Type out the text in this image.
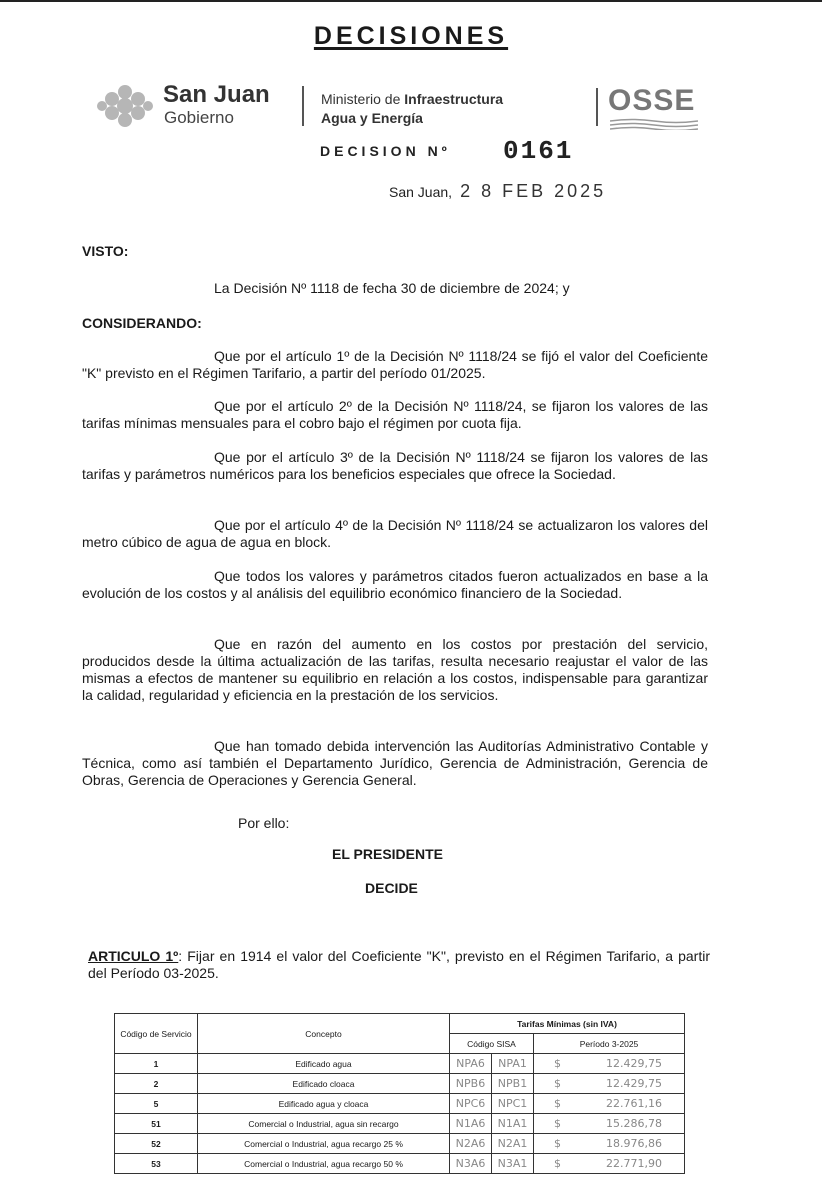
DECISIONES
San Juan
Gobierno
Ministerio de Infraestructura
Agua y Energía
OSSE
DECISION Nº 0161
San Juan, 2 8 FEB 2025
VISTO:
La Decisión Nº 1118 de fecha 30 de diciembre de 2024; y
CONSIDERANDO:
Que por el artículo 1º de la Decisión Nº 1118/24 se fijó el valor del Coeficiente "K" previsto en el Régimen Tarifario, a partir del período 01/2025.
Que por el artículo 2º de la Decisión Nº 1118/24, se fijaron los valores de las tarifas mínimas mensuales para el cobro bajo el régimen por cuota fija.
Que por el artículo 3º de la Decisión Nº 1118/24 se fijaron los valores de las tarifas y parámetros numéricos para los beneficios especiales que ofrece la Sociedad.
Que por el artículo 4º de la Decisión Nº 1118/24 se actualizaron los valores del metro cúbico de agua de agua en block.
Que todos los valores y parámetros citados fueron actualizados en base a la evolución de los costos y al análisis del equilibrio económico financiero de la Sociedad.
Que en razón del aumento en los costos por prestación del servicio, producidos desde la última actualización de las tarifas, resulta necesario reajustar el valor de las mismas a efectos de mantener su equilibrio en relación a los costos, indispensable para garantizar la calidad, regularidad y eficiencia en la prestación de los servicios.
Que han tomado debida intervención las Auditorías Administrativo Contable y Técnica, como así también el Departamento Jurídico, Gerencia de Administración, Gerencia de Obras, Gerencia de Operaciones y Gerencia General.
Por ello:
EL PRESIDENTE
DECIDE
ARTICULO 1º: Fijar en 1914 el valor del Coeficiente "K", previsto en el Régimen Tarifario, a partir del Período 03-2025.
Código de Servicio	Concepto	Tarifas Mínimas (sin IVA)		
		Código SISA		Período 3-2025
1	Edificado agua	NPA6	NPA1	$ 12.429,75
2	Edificado cloaca	NPB6	NPB1	$ 12.429,75
5	Edificado agua y cloaca	NPC6	NPC1	$ 22.761,16
51	Comercial o Industrial, agua sin recargo	N1A6	N1A1	$ 15.286,78
52	Comercial o Industrial, agua recargo 25 %	N2A6	N2A1	$ 18.976,86
53	Comercial o Industrial, agua recargo 50 %	N3A6	N3A1	$ 22.771,90
